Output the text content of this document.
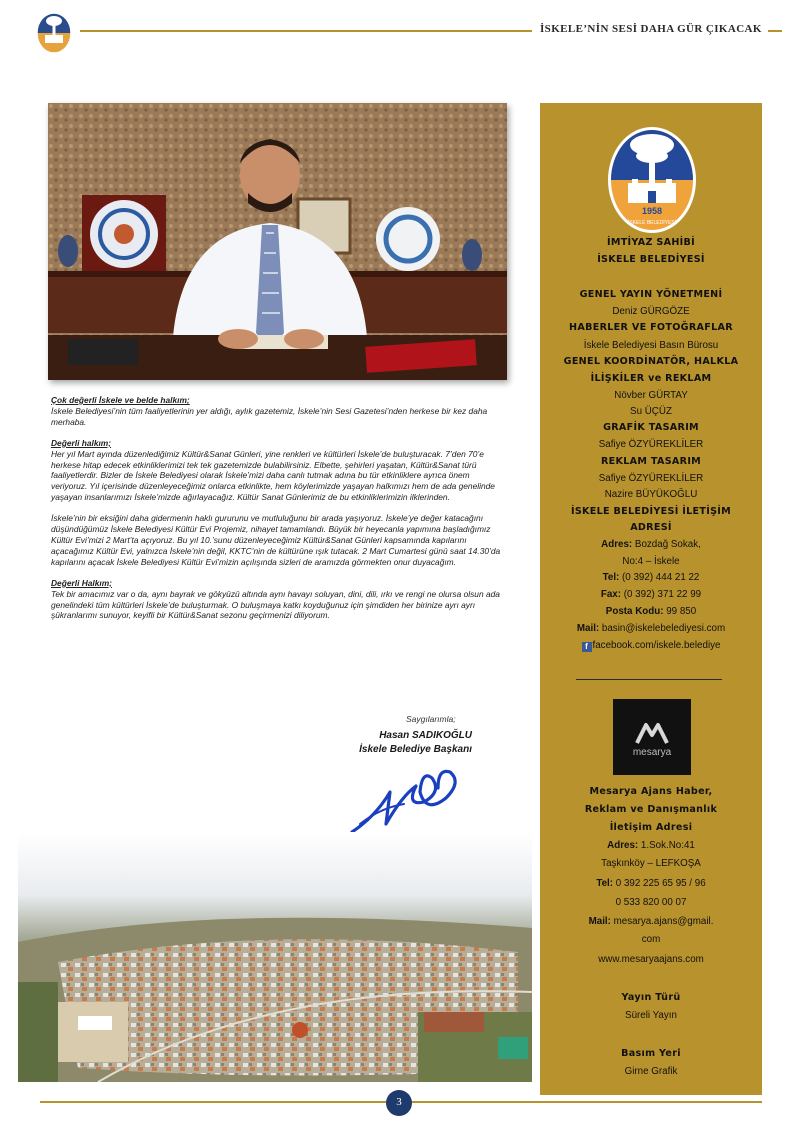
İSKELE’NİN SESİ DAHA GÜR ÇIKACAK

Çok değerli İskele ve belde halkım;
İskele Belediyesi’nin tüm faaliyetlerinin yer aldığı, aylık gazetemiz, İskele’nin Sesi Gazetesi’nden herkese bir kez daha merhaba.

Değerli halkım;
Her yıl Mart ayında düzenlediğimiz Kültür&Sanat Günleri, yine renkleri ve kültürleri İskele’de buluşturacak. 7’den 70’e herkese hitap edecek etkinliklerimizi tek tek gazetemizde bulabilirsiniz. Elbette, şehirleri yaşatan, Kültür&Sanat türü faaliyetlerdir. Bizler de İskele Belediyesi olarak İskele’mizi daha canlı tutmak adına bu tür etkinliklere ayrıca önem veriyoruz. Yıl içerisinde düzenleyeceğimiz onlarca etkinlikte, hem köylerimizde yaşayan halkımızı hem de ada genelinde yaşayan insanlarımızı İskele’mizde ağırlayacağız. Kültür Sanat Günlerimiz de bu etkinliklerimizin ilklerinden.

İskele’nin bir eksiğini daha gidermenin haklı gururunu ve mutluluğunu bir arada yaşıyoruz. İskele’ye değer katacağını düşündüğümüz İskele Belediyesi Kültür Evi Projemiz, nihayet tamamlandı. Büyük bir heyecanla yapımına başladığımız Kültür Evi’mizi 2 Mart’ta açıyoruz. Bu yıl 10.’sunu düzenleyeceğimiz Kültür&Sanat Günleri kapsamında kapılarını açacağımız Kültür Evi, yalnızca İskele’nin değil, KKTC’nin de kültürüne ışık tutacak. 2 Mart Cumartesi günü saat 14.30’da kapılarını açacak İskele Belediyesi Kültür Evi’mizin açılışında sizleri de aramızda görmekten onur duyacağım.

Değerli Halkım;
Tek bir amacımız var o da, aynı bayrak ve gökyüzü altında aynı havayı soluyan, dini, dili, ırkı ve rengi ne olursa olsun ada genelindeki tüm kültürleri İskele’de buluşturmak. O buluşmaya katkı koyduğunuz için şimdiden her birinize ayrı ayrı şükranlarımı sunuyor, keyifli bir Kültür&Sanat sezonu geçirmenizi diliyorum.

Saygılarımla;
Hasan SADIKOĞLU
İskele Belediye Başkanı
1958
İSKELE BELEDİYESİ
İMTİYAZ SAHİBİ
İSKELE BELEDİYESİ
GENEL YAYIN YÖNETMENİ
Deniz GÜRGÖZE
HABERLER VE FOTOĞRAFLAR
İskele Belediyesi Basın Bürosu
GENEL KOORDİNATÖR, HALKLA
İLİŞKİLER ve REKLAM
Növber GÜRTAY
Su ÜÇÜZ
GRAFİK TASARIM
Safiye ÖZYÜREKLİLER
REKLAM TASARIM
Safiye ÖZYÜREKLİLER
Nazire BÜYÜKOĞLU
İSKELE BELEDİYESİ İLETİŞİM
ADRESİ
Adres: Bozdağ Sokak,
No:4 – İskele
Tel: (0 392) 444 21 22
Fax: (0 392) 371 22 99
Posta Kodu: 99 850
Mail: basin@iskelebelediyesi.com
f facebook.com/iskele.belediye
mesarya
Mesarya Ajans Haber,
Reklam ve Danışmanlık
İletişim Adresi
Adres: 1.Sok.No:41
Taşkınköy – LEFKOŞA
Tel: 0 392 225 65 95 / 96
0 533 820 00 07
Mail: mesarya.ajans@gmail.
com
www.mesaryaajans.com
Yayın Türü
Süreli Yayın
Basım Yeri
Girne Grafik
3
